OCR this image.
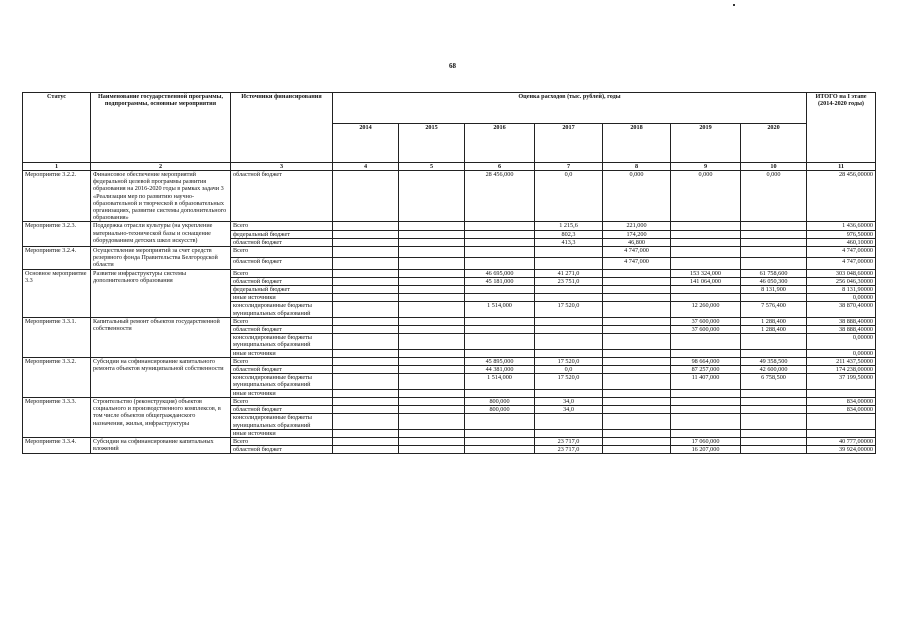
68
Статус	Наименование государственной программы, подпрограммы, основные мероприятия	Источники финансирования	Оценка расходов (тыс. рублей), годы							ИТОГО на I этапе (2014-2020 годы)
			2014	2015	2016	2017	2018	2019	2020	
1	2	3	4	5	6	7	8	9	10	11
Мероприятие 3.2.2.	Финансовое обеспечение мероприятий федеральной целевой программы развития образования на 2016-2020 годы в рамках задачи 3 «Реализация мер по развитию научно-образовательной и творческой в образовательных организациях, развитие системы дополнительного образования»	областной бюджет			28 456,000	0,0	0,000	0,000	0,000	28 456,00000
Мероприятие 3.2.3.	Поддержка отрасли культуры (на укрепление материально-технической базы и оснащение оборудованием детских школ искусств)	Всего				1 215,6	221,000			1 436,60000
		федеральный бюджет				802,3	174,200			976,50000
		областной бюджет				413,3	46,800			460,10000
Мероприятие 3.2.4.	Осуществление мероприятий за счет средств резервного фонда Правительства Белгородской области	Всего					4 747,000			4 747,00000
		областной бюджет					4 747,000			4 747,00000
Основное мероприятие 3.3	Развитие инфраструктуры системы дополнительного образования	Всего			46 695,000	41 271,0		153 324,000	61 758,600	303 048,60000
		областной бюджет			45 181,000	23 751,0		141 064,000	46 050,300	256 046,30000
		федеральный бюджет							8 131,900	8 131,90000
		иные источники								0,00000
		консолидированные бюджеты муниципальных образований			1 514,000	17 520,0		12 260,000	7 576,400	38 870,40000
Мероприятие 3.3.1.	Капитальный ремонт объектов государственной собственности	Всего						37 600,000	1 288,400	38 888,40000
		областной бюджет						37 600,000	1 288,400	38 888,40000
		консолидированные бюджеты муниципальных образований								0,00000
		иные источники								0,00000
Мероприятие 3.3.2.	Субсидии на софинансирование капитального ремонта объектов муниципальной собственности	Всего			45 895,000	17 520,0		98 664,000	49 358,500	211 437,50000
		областной бюджет			44 381,000	0,0		87 257,000	42 600,000	174 238,00000
		консолидированные бюджеты муниципальных образований			1 514,000	17 520,0		11 407,000	6 758,500	37 199,50000
		иные источники								
Мероприятие 3.3.3.	Строительство (реконструкция) объектов социального и производственного комплексов, в том числе объектов общегражданского назначения, жилья, инфраструктуры	Всего			800,000	34,0				834,00000
		областной бюджет			800,000	34,0				834,00000
		консолидированные бюджеты муниципальных образований								
		иные источники								
Мероприятие 3.3.4.	Субсидии на софинансирование капитальных вложений	Всего				23 717,0		17 060,000		40 777,00000
		областной бюджет				23 717,0		16 207,000		39 924,00000
